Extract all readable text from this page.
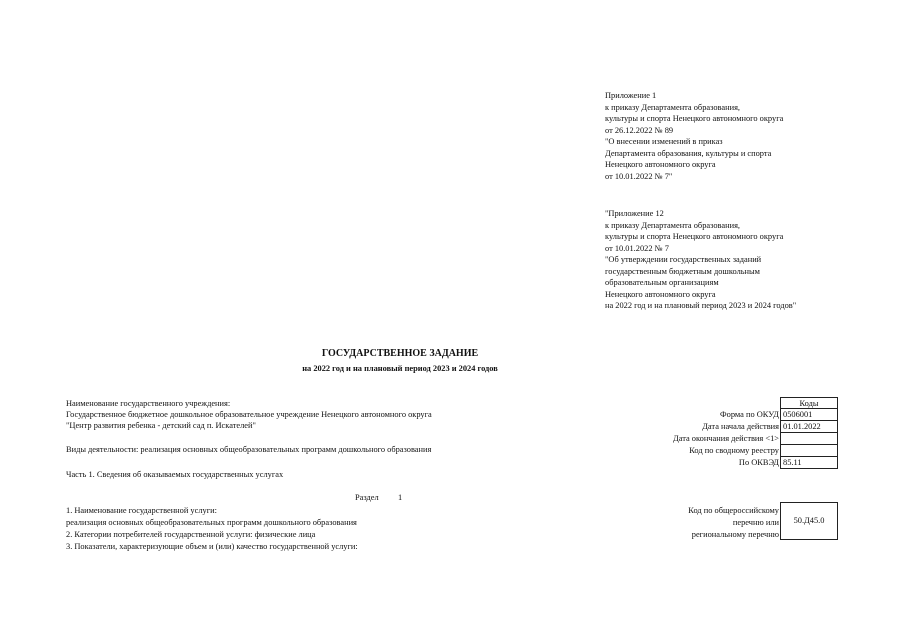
Приложение 1
к приказу Департамента образования,
культуры и спорта Ненецкого автономного округа
от 26.12.2022 № 89
"О внесении изменений в приказ
Департамента образования, культуры и спорта
Ненецкого автономного округа
от 10.01.2022 № 7"
"Приложение 12
к приказу Департамента образования,
культуры и спорта Ненецкого автономного округа
от 10.01.2022 № 7
"Об утверждении государственных заданий
государственным бюджетным дошкольным
образовательным организациям
Ненецкого автономного округа
на 2022 год и на плановый период 2023 и 2024 годов"
ГОСУДАРСТВЕННОЕ ЗАДАНИЕ
на 2022 год и на плановый период 2023 и 2024 годов
Наименование государственного учреждения:
Государственное бюджетное дошкольное образовательное учреждение Ненецкого автономного округа
"Центр развития ребенка - детский сад п. Искателей"
Виды деятельности: реализация основных общеобразовательных программ дошкольного образования
Часть 1. Сведения об оказываемых государственных услугах
Форма по ОКУД
Дата начала действия
Дата окончания действия <1>
Код по сводному реестру
По ОКВЭД
Коды
0506001
01.01.2022
85.11
Раздел 1
1. Наименование государственной услуги:
реализация основных общеобразовательных программ дошкольного образования
2. Категории потребителей государственной услуги: физические лица
3. Показатели, характеризующие объем и (или) качество государственной услуги:
Код по общероссийскому
перечню или
региональному перечню
50.Д45.0
